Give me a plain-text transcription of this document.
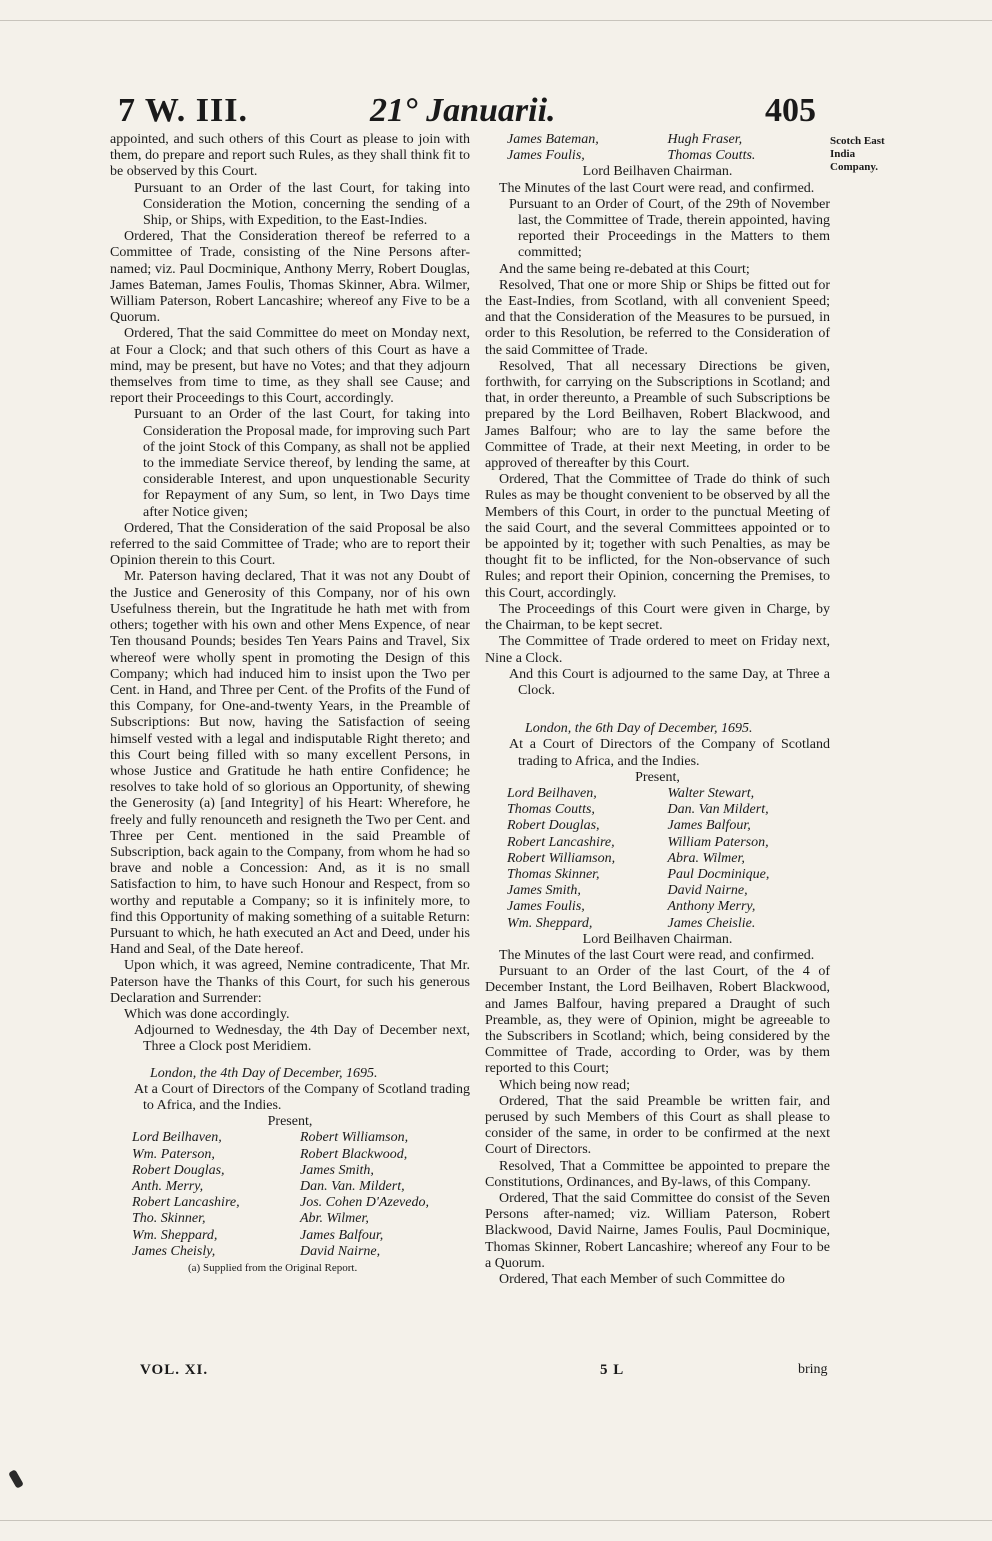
7 W. III.	21° Januarii.	405
Scotch East India Company.

appointed, and such others of this Court as please to join with them, do prepare and report such Rules, as they shall think fit to be observed by this Court.

Pursuant to an Order of the last Court, for taking into Consideration the Motion, concerning the sending of a Ship, or Ships, with Expedition, to the East-Indies.

Ordered, That the Consideration thereof be referred to a Committee of Trade, consisting of the Nine Persons after-named; viz. Paul Docminique, Anthony Merry, Robert Douglas, James Bateman, James Foulis, Thomas Skinner, Abra. Wilmer, William Paterson, Robert Lancashire; whereof any Five to be a Quorum.

Ordered, That the said Committee do meet on Monday next, at Four a Clock; and that such others of this Court as have a mind, may be present, but have no Votes; and that they adjourn themselves from time to time, as they shall see Cause; and report their Proceedings to this Court, accordingly.

Pursuant to an Order of the last Court, for taking into Consideration the Proposal made, for improving such Part of the joint Stock of this Company, as shall not be applied to the immediate Service thereof, by lending the same, at considerable Interest, and upon unquestionable Security for Repayment of any Sum, so lent, in Two Days time after Notice given;

Ordered, That the Consideration of the said Proposal be also referred to the said Committee of Trade; who are to report their Opinion therein to this Court.

Mr. Paterson having declared, That it was not any Doubt of the Justice and Generosity of this Company, nor of his own Usefulness therein, but the Ingratitude he hath met with from others; together with his own and other Mens Expence, of near Ten thousand Pounds; besides Ten Years Pains and Travel, Six whereof were wholly spent in promoting the Design of this Company; which had induced him to insist upon the Two per Cent. in Hand, and Three per Cent. of the Profits of the Fund of this Company, for One-and-twenty Years, in the Preamble of Subscriptions: But now, having the Satisfaction of seeing himself vested with a legal and indisputable Right thereto; and this Court being filled with so many excellent Persons, in whose Justice and Gratitude he hath entire Confidence; he resolves to take hold of so glorious an Opportunity, of shewing the Generosity (a) [and Integrity] of his Heart: Wherefore, he freely and fully renounceth and resigneth the Two per Cent. and Three per Cent. mentioned in the said Preamble of Subscription, back again to the Company, from whom he had so brave and noble a Concession: And, as it is no small Satisfaction to him, to have such Honour and Respect, from so worthy and reputable a Company; so it is infinitely more, to find this Opportunity of making something of a suitable Return: Pursuant to which, he hath executed an Act and Deed, under his Hand and Seal, of the Date hereof.

Upon which, it was agreed, Nemine contradicente, That Mr. Paterson have the Thanks of this Court, for such his generous Declaration and Surrender:

Which was done accordingly.

Adjourned to Wednesday, the 4th Day of December next, Three a Clock post Meridiem.

London, the 4th Day of December, 1695.

At a Court of Directors of the Company of Scotland trading to Africa, and the Indies.

Present,

Lord Beilhaven,	Robert Williamson,
Wm. Paterson,	Robert Blackwood,
Robert Douglas,	James Smith,
Anth. Merry,	Dan. Van. Mildert,
Robert Lancashire,	Jos. Cohen D'Azevedo,
Tho. Skinner,	Abr. Wilmer,
Wm. Sheppard,	James Balfour,
James Cheisly,	David Nairne,
(a) Supplied from the Original Report.
James Bateman,	Hugh Fraser,
James Foulis,	Thomas Coutts.

Lord Beilhaven Chairman.

The Minutes of the last Court were read, and confirmed.

Pursuant to an Order of Court, of the 29th of November last, the Committee of Trade, therein appointed, having reported their Proceedings in the Matters to them committed;

And the same being re-debated at this Court;

Resolved, That one or more Ship or Ships be fitted out for the East-Indies, from Scotland, with all convenient Speed; and that the Consideration of the Measures to be pursued, in order to this Resolution, be referred to the Consideration of the said Committee of Trade.

Resolved, That all necessary Directions be given, forthwith, for carrying on the Subscriptions in Scotland; and that, in order thereunto, a Preamble of such Subscriptions be prepared by the Lord Beilhaven, Robert Blackwood, and James Balfour; who are to lay the same before the Committee of Trade, at their next Meeting, in order to be approved of thereafter by this Court.

Ordered, That the Committee of Trade do think of such Rules as may be thought convenient to be observed by all the Members of this Court, in order to the punctual Meeting of the said Court, and the several Committees appointed or to be appointed by it; together with such Penalties, as may be thought fit to be inflicted, for the Non-observance of such Rules; and report their Opinion, concerning the Premises, to this Court, accordingly.

The Proceedings of this Court were given in Charge, by the Chairman, to be kept secret.

The Committee of Trade ordered to meet on Friday next, Nine a Clock.

And this Court is adjourned to the same Day, at Three a Clock.

London, the 6th Day of December, 1695.

At a Court of Directors of the Company of Scotland trading to Africa, and the Indies.

Present,

Lord Beilhaven,	Walter Stewart,
Thomas Coutts,	Dan. Van Mildert,
Robert Douglas,	James Balfour,
Robert Lancashire,	William Paterson,
Robert Williamson,	Abra. Wilmer,
Thomas Skinner,	Paul Docminique,
James Smith,	David Nairne,
James Foulis,	Anthony Merry,
Wm. Sheppard,	James Cheislie.

Lord Beilhaven Chairman.

The Minutes of the last Court were read, and confirmed.

Pursuant to an Order of the last Court, of the 4 of December Instant, the Lord Beilhaven, Robert Blackwood, and James Balfour, having prepared a Draught of such Preamble, as, they were of Opinion, might be agreeable to the Subscribers in Scotland; which, being considered by the Committee of Trade, according to Order, was by them reported to this Court;

Which being now read;

Ordered, That the said Preamble be written fair, and perused by such Members of this Court as shall please to consider of the same, in order to be confirmed at the next Court of Directors.

Resolved, That a Committee be appointed to prepare the Constitutions, Ordinances, and By-laws, of this Company.

Ordered, That the said Committee do consist of the Seven Persons after-named; viz. William Paterson, Robert Blackwood, David Nairne, James Foulis, Paul Docminique, Thomas Skinner, Robert Lancashire; whereof any Four to be a Quorum.

Ordered, That each Member of such Committee do

VOL. XI.	5 L	bring
